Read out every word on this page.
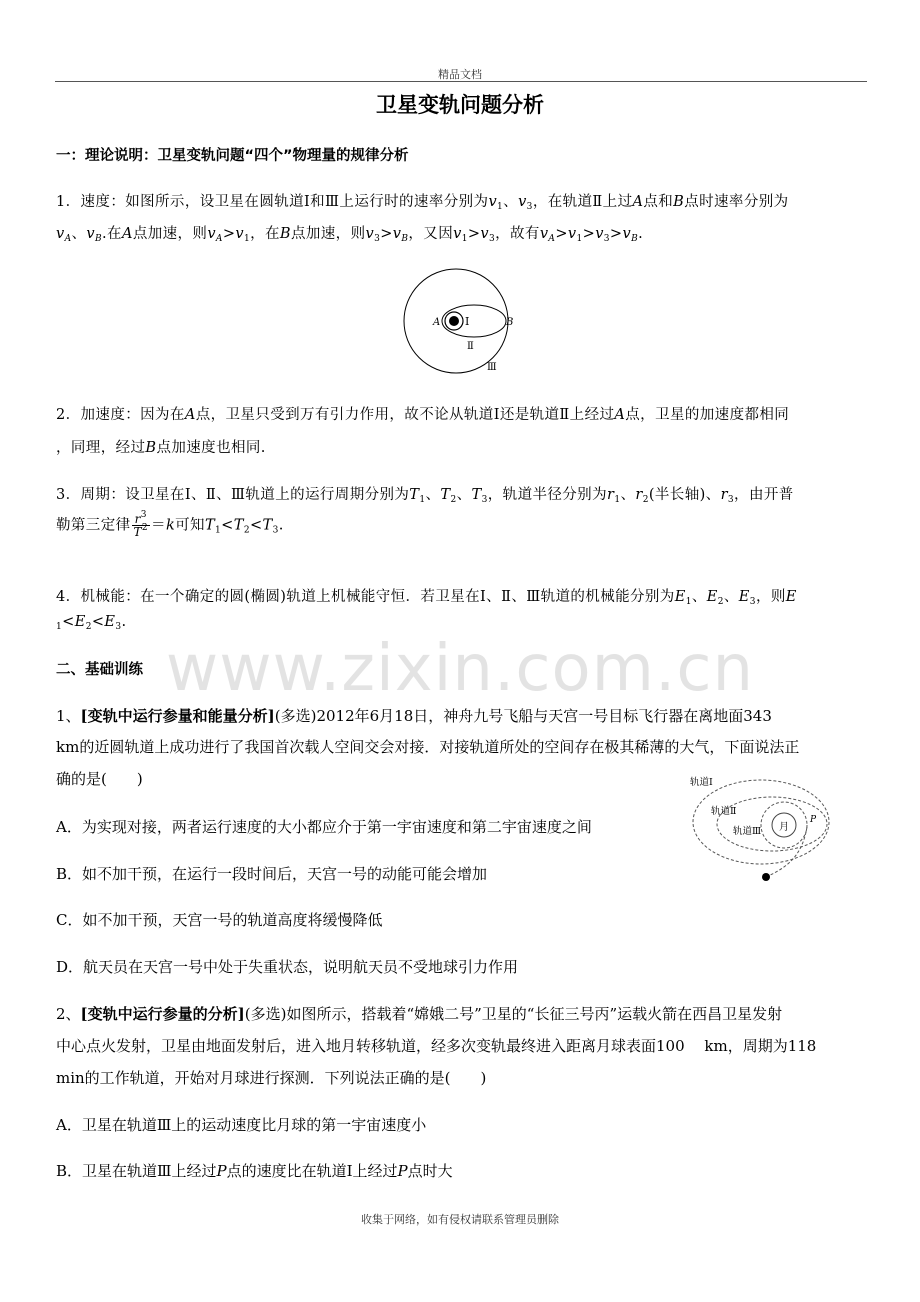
精品文档
www.zixin.com.cn
卫星变轨问题分析
一：理论说明：卫星变轨问题“四个”物理量的规律分析
1．速度：如图所示，设卫星在圆轨道Ⅰ和Ⅲ上运行时的速率分别为$v_1$、$v_3$，在轨道Ⅱ上过A点和B点时速率分别为
$v_A$、$v_B$.在A点加速，则$v_A>v_1$，在B点加速，则$v_3>v_B$，又因$v_1>v_3$，故有$v_A>v_1>v_3>v_B$.
A	B
Ⅰ
Ⅱ
Ⅲ
2．加速度：因为在A点，卫星只受到万有引力作用，故不论从轨道Ⅰ还是轨道Ⅱ上经过A点，卫星的加速度都相同
，同理，经过B点加速度也相同.
3．周期：设卫星在Ⅰ、Ⅱ、Ⅲ轨道上的运行周期分别为$T_1$、$T_2$、$T_3$，轨道半径分别为$r_1$、$r_2$(半长轴)、$r_3$，由开普
勒第三定律 $\frac{r^3}{T^2} =k$可知$T_1<T_2<T_3$.
4．机械能：在一个确定的圆(椭圆)轨道上机械能守恒．若卫星在Ⅰ、Ⅱ、Ⅲ轨道的机械能分别为$E_1$、$E_2$、$E_3$，则E
$_1<E_2<E_3$.
二、基础训练
1、[变轨中运行参量和能量分析](多选)2012年6月18日，神舟九号飞船与天宫一号目标飞行器在离地面343
km的近圆轨道上成功进行了我国首次载人空间交会对接．对接轨道所处的空间存在极其稀薄的大气，下面说法正
确的是(　　)	轨道Ⅰ
轨道Ⅱ
轨道Ⅲ 月
P
A．为实现对接，两者运行速度的大小都应介于第一宇宙速度和第二宇宙速度之间
B．如不加干预，在运行一段时间后，天宫一号的动能可能会增加
C．如不加干预，天宫一号的轨道高度将缓慢降低
D．航天员在天宫一号中处于失重状态，说明航天员不受地球引力作用
2、[变轨中运行参量的分析](多选)如图所示，搭载着“嫦娥二号”卫星的“长征三号丙”运载火箭在西昌卫星发射
中心点火发射，卫星由地面发射后，进入地月转移轨道，经多次变轨最终进入距离月球表面100　 km，周期为118
min的工作轨道，开始对月球进行探测．下列说法正确的是(　　)
A．卫星在轨道Ⅲ上的运动速度比月球的第一宇宙速度小
B．卫星在轨道Ⅲ上经过P点的速度比在轨道Ⅰ上经过P点时大
收集于网络，如有侵权请联系管理员删除
